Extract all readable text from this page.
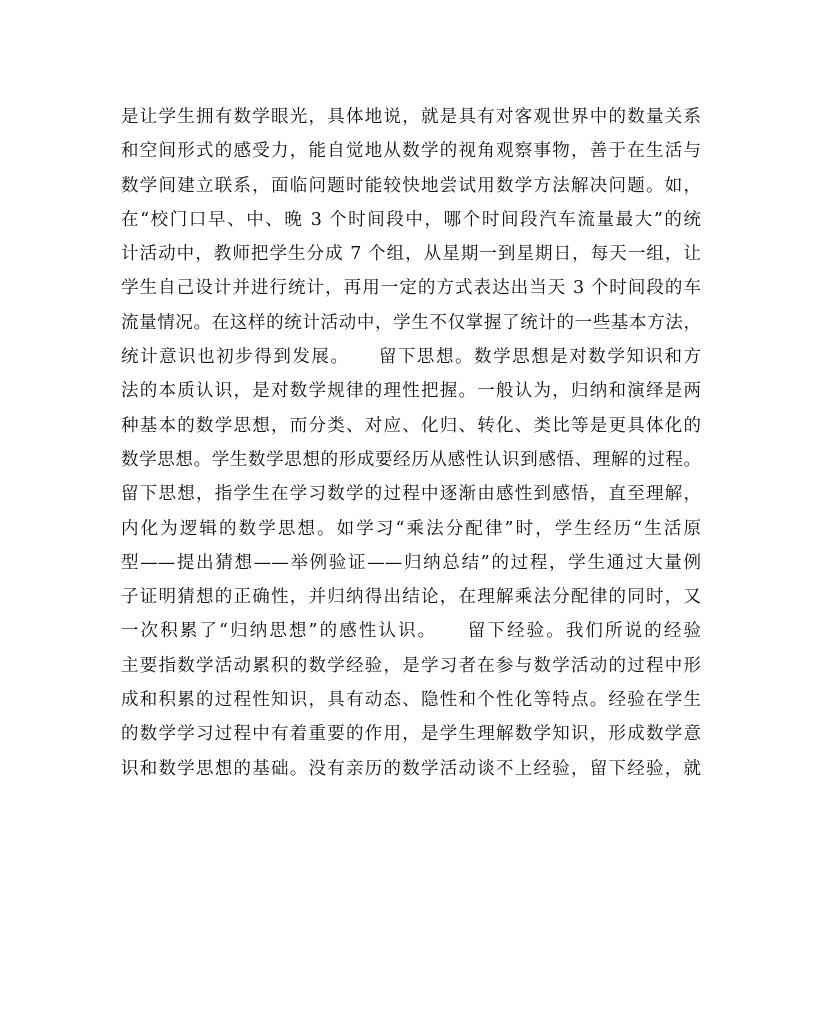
是让学生拥有数学眼光，具体地说，就是具有对客观世界中的数量关系
和空间形式的感受力，能自觉地从数学的视角观察事物，善于在生活与
数学间建立联系，面临问题时能较快地尝试用数学方法解决问题。如，
在“校门口早、中、晚 3 个时间段中，哪个时间段汽车流量最大”的统
计活动中，教师把学生分成 7 个组，从星期一到星期日，每天一组，让
学生自己设计并进行统计，再用一定的方式表达出当天 3 个时间段的车
流量情况。在这样的统计活动中，学生不仅掌握了统计的一些基本方法，
统计意识也初步得到发展。　　留下思想。数学思想是对数学知识和方
法的本质认识，是对数学规律的理性把握。一般认为，归纳和演绎是两
种基本的数学思想，而分类、对应、化归、转化、类比等是更具体化的
数学思想。学生数学思想的形成要经历从感性认识到感悟、理解的过程。
留下思想，指学生在学习数学的过程中逐渐由感性到感悟，直至理解，
内化为逻辑的数学思想。如学习“乘法分配律”时，学生经历“生活原
型——提出猜想——举例验证——归纳总结”的过程，学生通过大量例
子证明猜想的正确性，并归纳得出结论，在理解乘法分配律的同时，又
一次积累了“归纳思想”的感性认识。　　留下经验。我们所说的经验
主要指数学活动累积的数学经验，是学习者在参与数学活动的过程中形
成和积累的过程性知识，具有动态、隐性和个性化等特点。经验在学生
的数学学习过程中有着重要的作用，是学生理解数学知识，形成数学意
识和数学思想的基础。没有亲历的数学活动谈不上经验，留下经验，就
